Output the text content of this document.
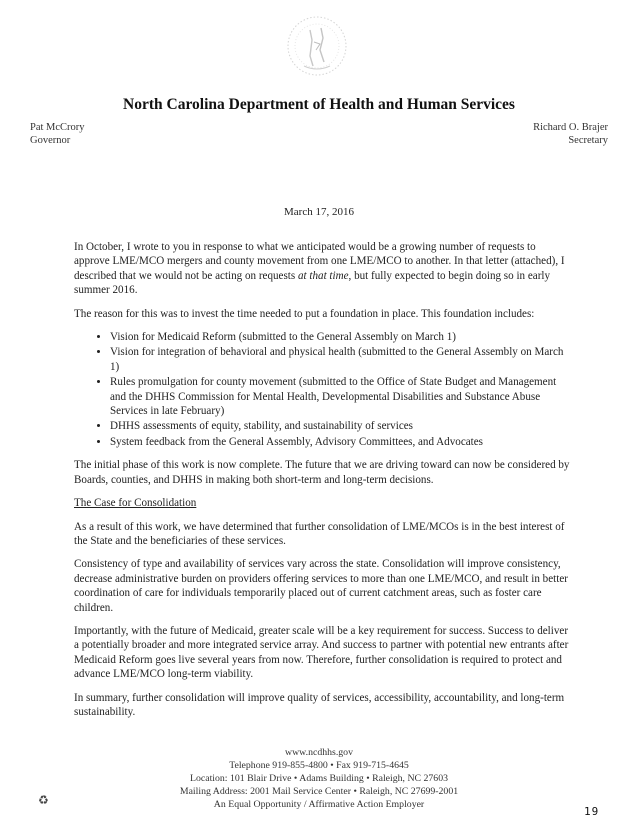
North Carolina Department of Health and Human Services
Pat McCrory
Governor
Richard O. Brajer
Secretary
March 17, 2016

In October, I wrote to you in response to what we anticipated would be a growing number of requests to approve LME/MCO mergers and county movement from one LME/MCO to another. In that letter (attached), I described that we would not be acting on requests at that time, but fully expected to begin doing so in early summer 2016.

The reason for this was to invest the time needed to put a foundation in place. This foundation includes:

• Vision for Medicaid Reform (submitted to the General Assembly on March 1)
• Vision for integration of behavioral and physical health (submitted to the General Assembly on March 1)
• Rules promulgation for county movement (submitted to the Office of State Budget and Management and the DHHS Commission for Mental Health, Developmental Disabilities and Substance Abuse Services in late February)
• DHHS assessments of equity, stability, and sustainability of services
• System feedback from the General Assembly, Advisory Committees, and Advocates

The initial phase of this work is now complete. The future that we are driving toward can now be considered by Boards, counties, and DHHS in making both short-term and long-term decisions.

The Case for Consolidation

As a result of this work, we have determined that further consolidation of LME/MCOs is in the best interest of the State and the beneficiaries of these services.

Consistency of type and availability of services vary across the state. Consolidation will improve consistency, decrease administrative burden on providers offering services to more than one LME/MCO, and result in better coordination of care for individuals temporarily placed out of current catchment areas, such as foster care children.

Importantly, with the future of Medicaid, greater scale will be a key requirement for success. Success to deliver a potentially broader and more integrated service array. And success to partner with potential new entrants after Medicaid Reform goes live several years from now. Therefore, further consolidation is required to protect and advance LME/MCO long-term viability.

In summary, further consolidation will improve quality of services, accessibility, accountability, and long-term sustainability.

www.ncdhhs.gov
Telephone 919-855-4800 • Fax 919-715-4645
Location: 101 Blair Drive • Adams Building • Raleigh, NC 27603
Mailing Address: 2001 Mail Service Center • Raleigh, NC 27699-2001
An Equal Opportunity / Affirmative Action Employer
♻
19
